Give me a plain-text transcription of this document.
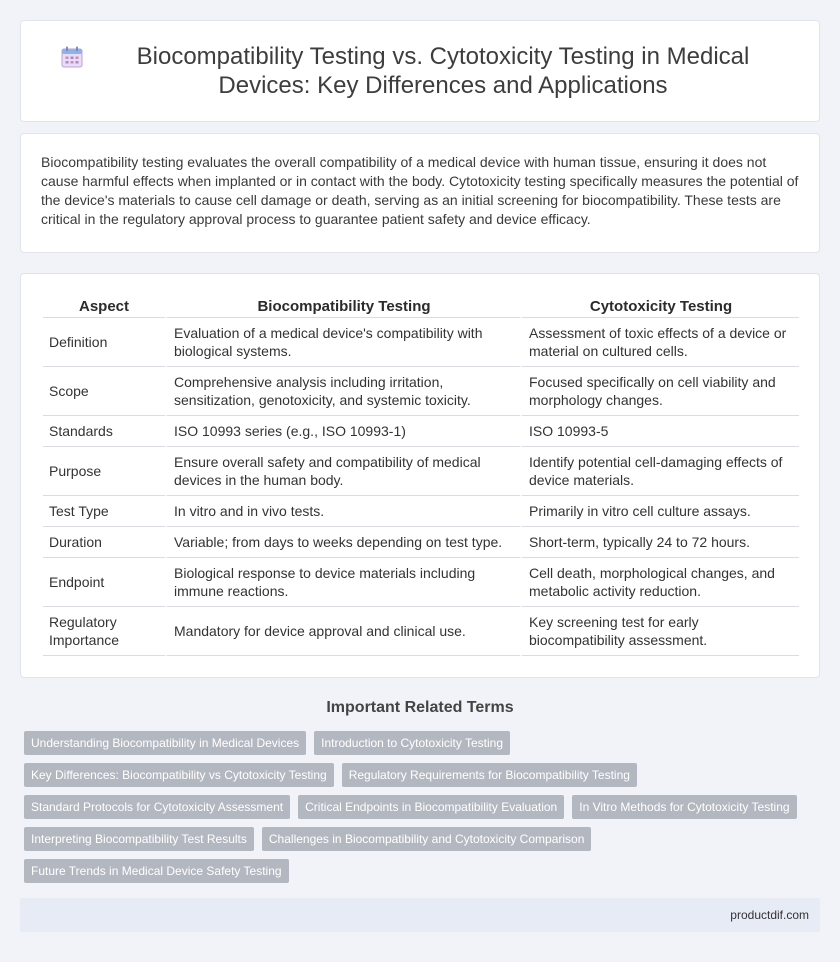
Biocompatibility Testing vs. Cytotoxicity Testing in Medical Devices: Key Differences and Applications

Biocompatibility testing evaluates the overall compatibility of a medical device with human tissue, ensuring it does not cause harmful effects when implanted or in contact with the body. Cytotoxicity testing specifically measures the potential of the device's materials to cause cell damage or death, serving as an initial screening for biocompatibility. These tests are critical in the regulatory approval process to guarantee patient safety and device efficacy.

Aspect	Biocompatibility Testing	Cytotoxicity Testing
Definition	Evaluation of a medical device's compatibility with biological systems.	Assessment of toxic effects of a device or material on cultured cells.
Scope	Comprehensive analysis including irritation, sensitization, genotoxicity, and systemic toxicity.	Focused specifically on cell viability and morphology changes.
Standards	ISO 10993 series (e.g., ISO 10993-1)	ISO 10993-5
Purpose	Ensure overall safety and compatibility of medical devices in the human body.	Identify potential cell-damaging effects of device materials.
Test Type	In vitro and in vivo tests.	Primarily in vitro cell culture assays.
Duration	Variable; from days to weeks depending on test type.	Short-term, typically 24 to 72 hours.
Endpoint	Biological response to device materials including immune reactions.	Cell death, morphological changes, and metabolic activity reduction.
Regulatory Importance	Mandatory for device approval and clinical use.	Key screening test for early biocompatibility assessment.
Important Related Terms
Understanding Biocompatibility in Medical Devices	Introduction to Cytotoxicity Testing
Key Differences: Biocompatibility vs Cytotoxicity Testing	Regulatory Requirements for Biocompatibility Testing
Standard Protocols for Cytotoxicity Assessment	Critical Endpoints in Biocompatibility Evaluation	In Vitro Methods for Cytotoxicity Testing
Interpreting Biocompatibility Test Results	Challenges in Biocompatibility and Cytotoxicity Comparison
Future Trends in Medical Device Safety Testing
productdif.com
